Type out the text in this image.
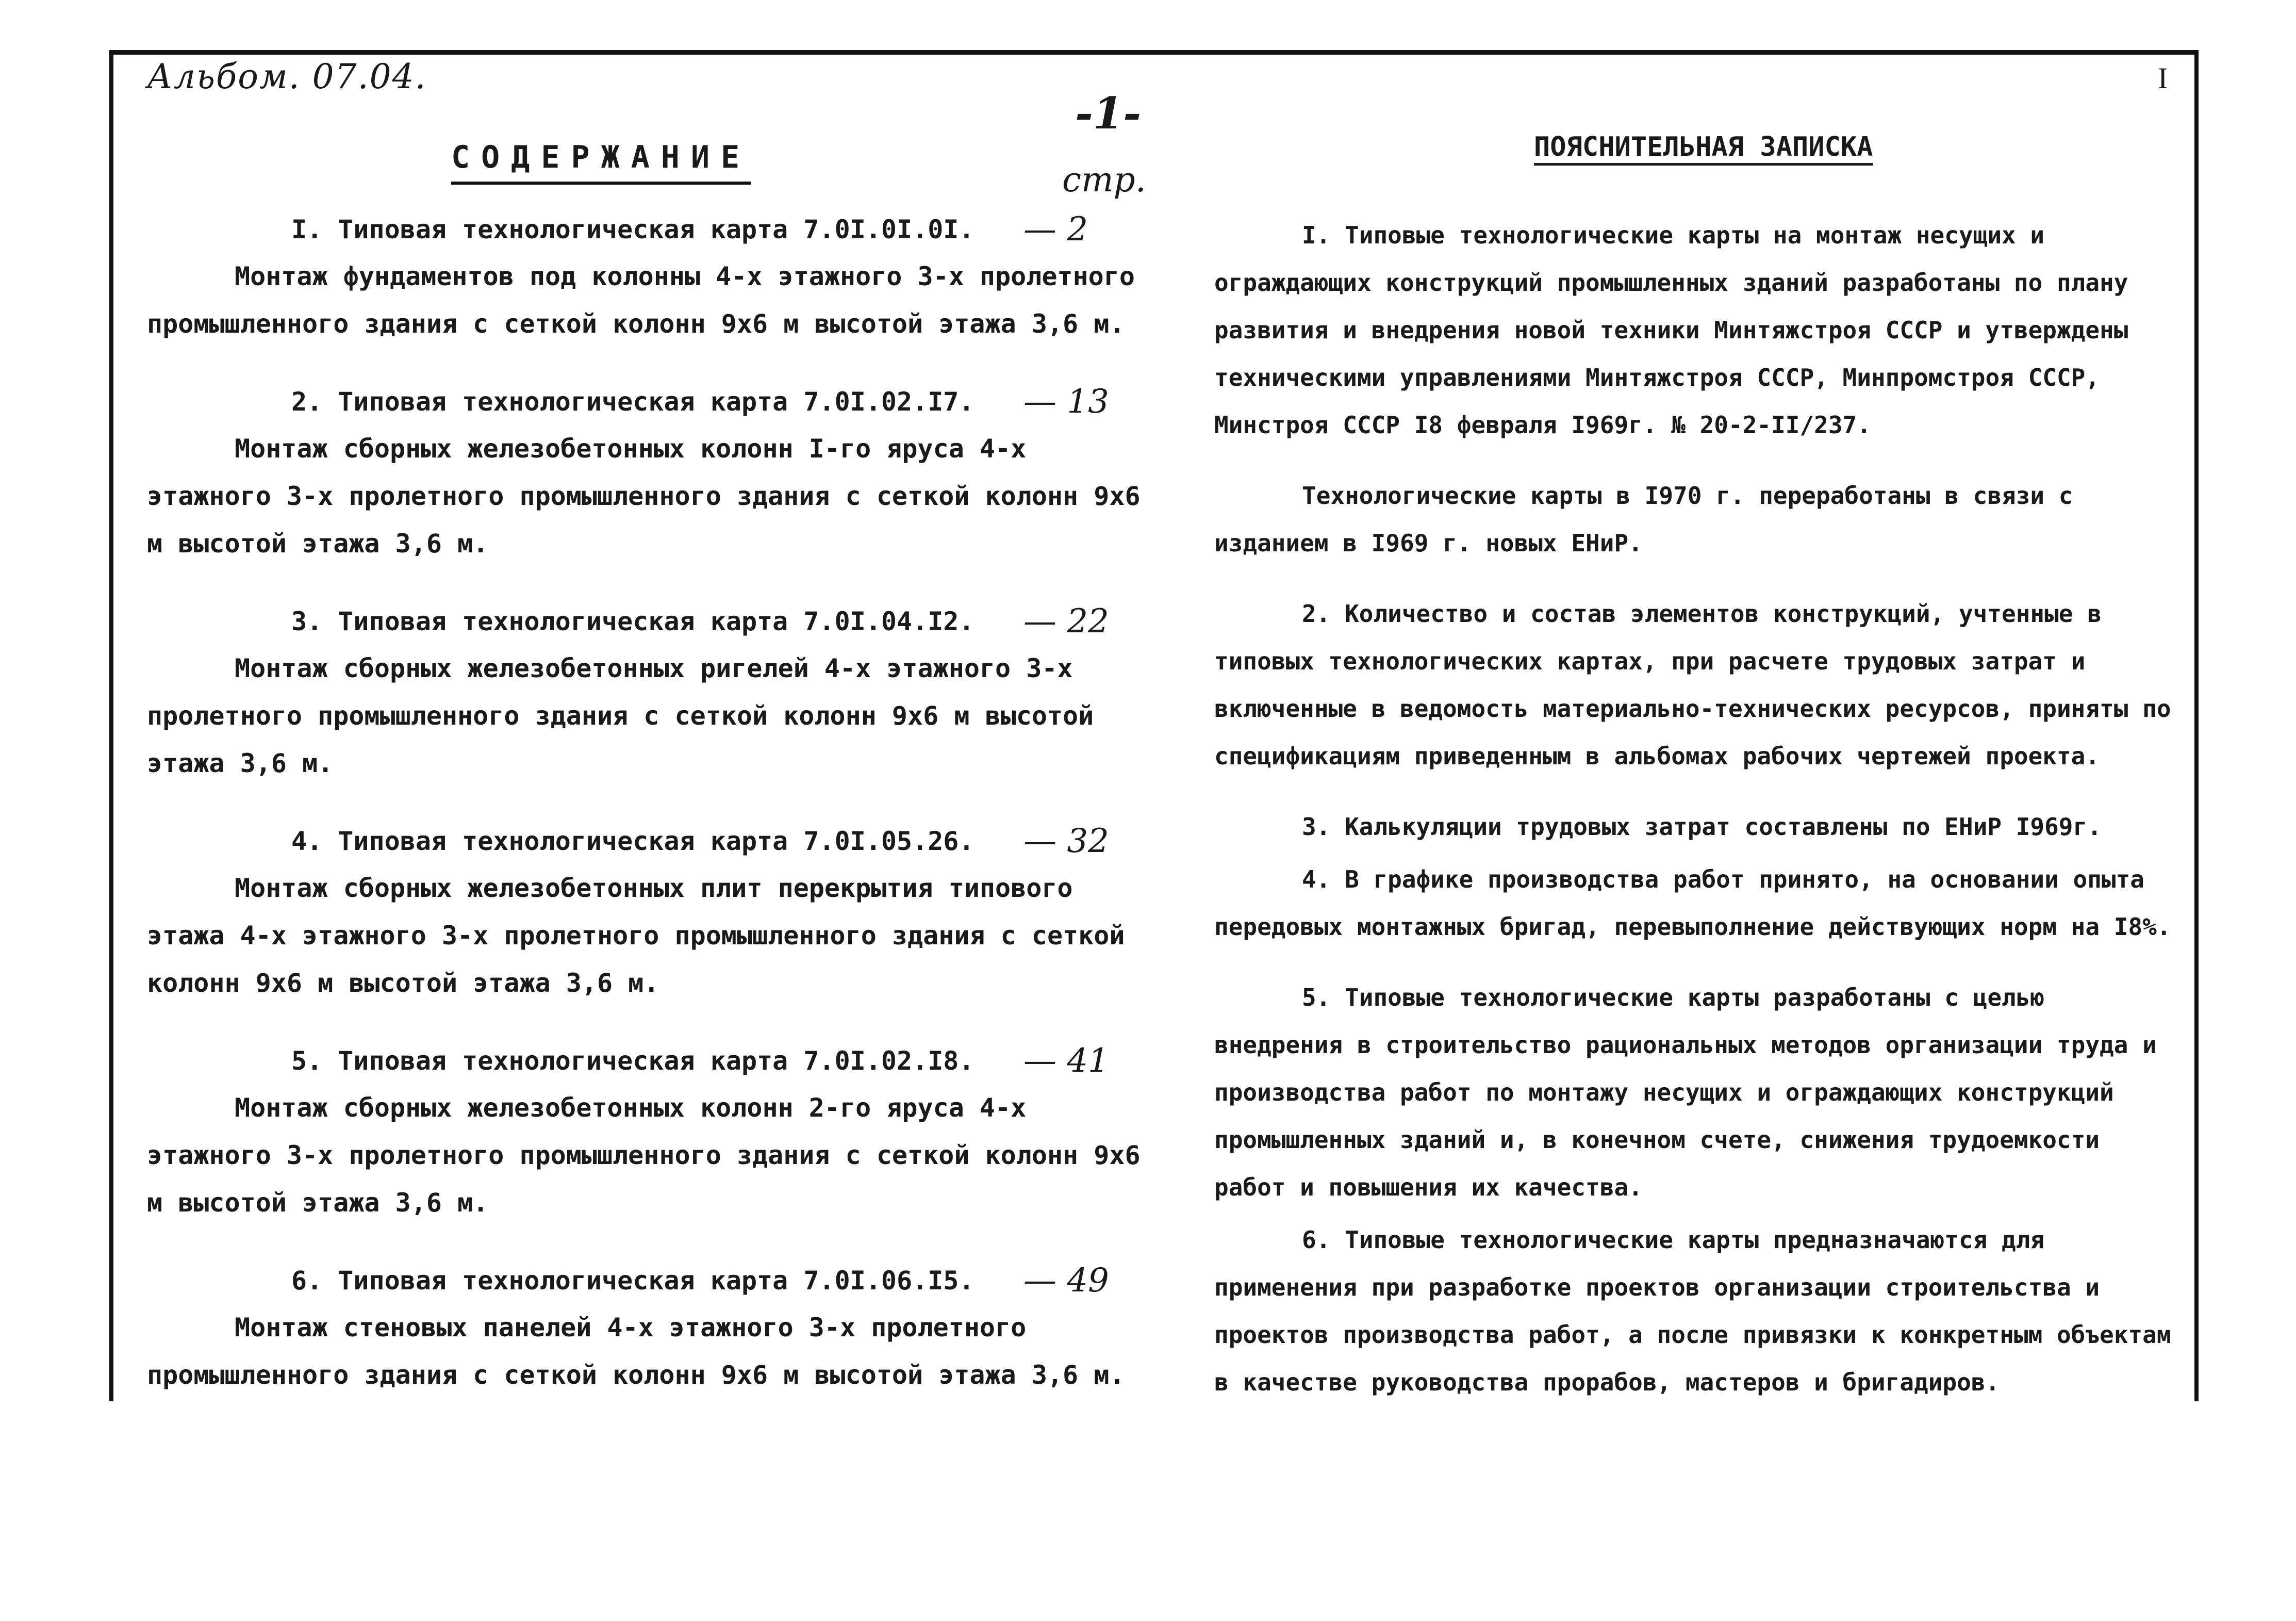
Альбом. 07.04.
-1-
I
СОДЕРЖАНИЕ
стр.
I. Типовая технологическая карта 7.0I.0I.0I. — 2
Монтаж фундаментов под колонны 4-х этажного 3-х пролетного промышленного здания с сеткой колонн 9х6 м высотой этажа 3,6 м.
2. Типовая технологическая карта 7.0I.02.I7. — 13
Монтаж сборных железобетонных колонн I-го яруса 4-х этажного 3-х пролетного промышленного здания с сеткой колонн 9х6 м высотой этажа 3,6 м.
3. Типовая технологическая карта 7.0I.04.I2. — 22
Монтаж сборных железобетонных ригелей 4-х этажного 3-х пролетного промышленного здания с сеткой колонн 9х6 м высотой этажа 3,6 м.
4. Типовая технологическая карта 7.0I.05.26. — 32
Монтаж сборных железобетонных плит перекрытия типового этажа 4-х этажного 3-х пролетного промышленного здания с сеткой колонн 9х6 м высотой этажа 3,6 м.
5. Типовая технологическая карта 7.0I.02.I8. — 41
Монтаж сборных железобетонных колонн 2-го яруса 4-х этажного 3-х пролетного промышленного здания с сеткой колонн 9х6 м высотой этажа 3,6 м.
6. Типовая технологическая карта 7.0I.06.I5. — 49
Монтаж стеновых панелей 4-х этажного 3-х пролетного промышленного здания с сеткой колонн 9х6 м высотой этажа 3,6 м.
ПОЯСНИТЕЛЬНАЯ ЗАПИСКА
I. Типовые технологические карты на монтаж несущих и ограждающих конструкций промышленных зданий разработаны по плану развития и внедрения новой техники Минтяжстроя СССР и утверждены техническими управлениями Минтяжстроя СССР, Минпромстроя СССР, Минстроя СССР I8 февраля I969г. № 20-2-II/237.
Технологические карты в I970 г. переработаны в связи с изданием в I969 г. новых ЕНиР.
2. Количество и состав элементов конструкций, учтенные в типовых технологических картах, при расчете трудовых затрат и включенные в ведомость материально-технических ресурсов, приняты по спецификациям приведенным в альбомах рабочих чертежей проекта.
3. Калькуляции трудовых затрат составлены по ЕНиР I969г.
4. В графике производства работ принято, на основании опыта передовых монтажных бригад, перевыполнение действующих норм на I8%.
5. Типовые технологические карты разработаны с целью внедрения в строительство рациональных методов организации труда и производства работ по монтажу несущих и ограждающих конструкций промышленных зданий и, в конечном счете, снижения трудоемкости работ и повышения их качества.
6. Типовые технологические карты предназначаются для применения при разработке проектов организации строительства и проектов производства работ, а после привязки к конкретным объектам в качестве руководства прорабов, мастеров и бригадиров.
